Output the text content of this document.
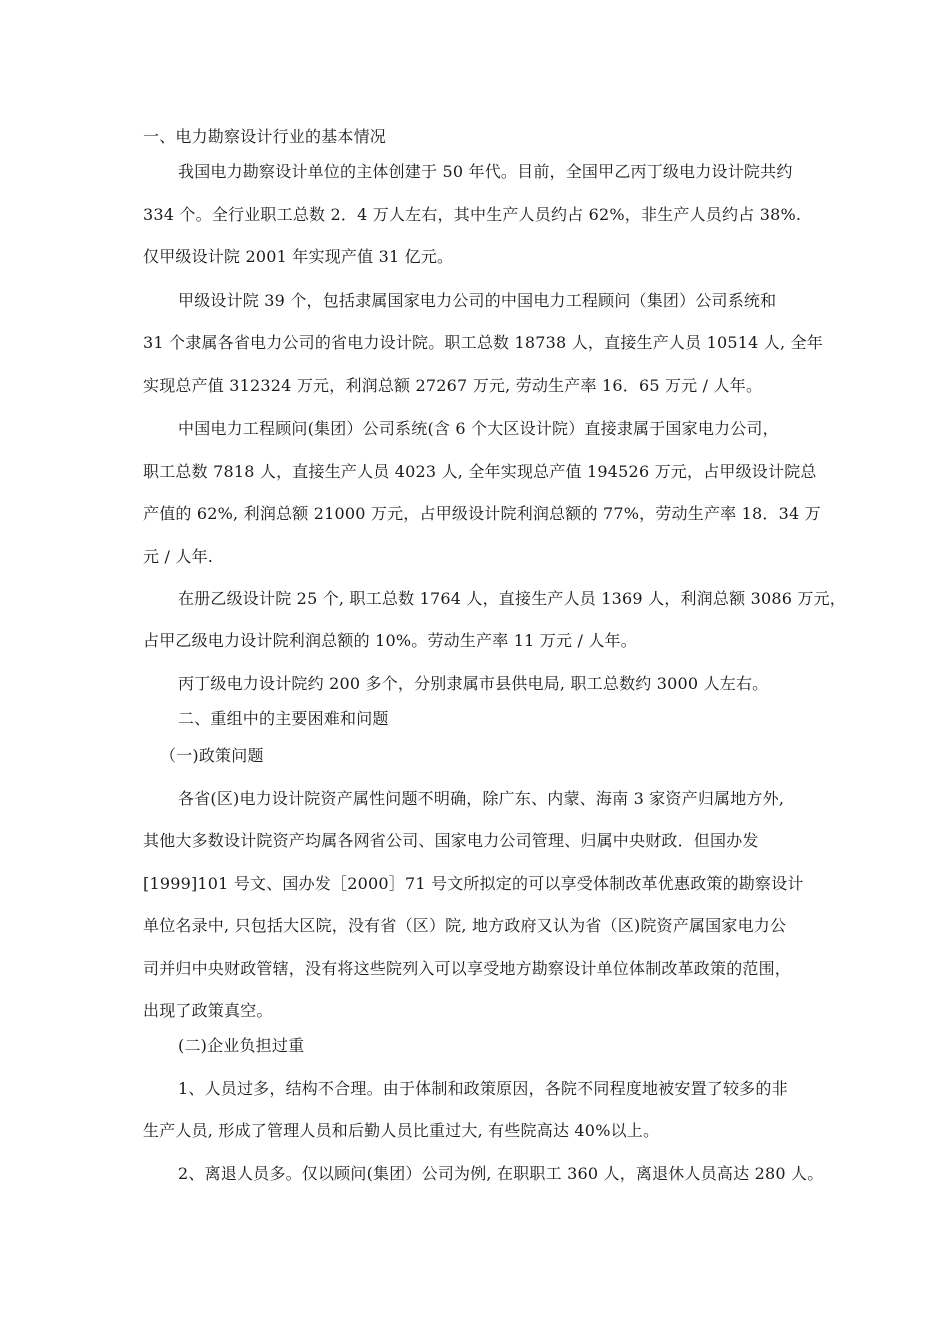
一、电力勘察设计行业的基本情况
我国电力勘察设计单位的主体创建于 50 年代。目前，全国甲乙丙丁级电力设计院共约
334 个。全行业职工总数 2．4 万人左右，其中生产人员约占 62%，非生产人员约占 38%.
仅甲级设计院 2001 年实现产值 31 亿元。
甲级设计院 39 个，包括隶属国家电力公司的中国电力工程顾问（集团）公司系统和
31 个隶属各省电力公司的省电力设计院。职工总数 18738 人，直接生产人员 10514 人, 全年
实现总产值 312324 万元，利润总额 27267 万元, 劳动生产率 16．65 万元 / 人年。
中国电力工程顾问(集团）公司系统(含 6 个大区设计院）直接隶属于国家电力公司，
职工总数 7818 人，直接生产人员 4023 人, 全年实现总产值 194526 万元，占甲级设计院总
产值的 62%, 利润总额 21000 万元，占甲级设计院利润总额的 77%，劳动生产率 18．34 万
元 / 人年.
在册乙级设计院 25 个, 职工总数 1764 人，直接生产人员 1369 人，利润总额 3086 万元，
占甲乙级电力设计院利润总额的 10%。劳动生产率 11 万元 / 人年。
丙丁级电力设计院约 200 多个，分别隶属市县供电局, 职工总数约 3000 人左右。
二、重组中的主要困难和问题
（一)政策问题
各省(区)电力设计院资产属性问题不明确，除广东、内蒙、海南 3 家资产归属地方外,
其他大多数设计院资产均属各网省公司、国家电力公司管理、归属中央财政．但国办发
[1999]101 号文、国办发［2000］71 号文所拟定的可以享受体制改革优惠政策的勘察设计
单位名录中, 只包括大区院，没有省（区）院, 地方政府又认为省（区)院资产属国家电力公
司并归中央财政管辖，没有将这些院列入可以享受地方勘察设计单位体制改革政策的范围，
出现了政策真空。
(二)企业负担过重
1、人员过多，结构不合理。由于体制和政策原因，各院不同程度地被安置了较多的非
生产人员, 形成了管理人员和后勤人员比重过大, 有些院高达 40%以上。
2、离退人员多。仅以顾问(集团）公司为例, 在职职工 360 人，离退休人员高达 280 人。
